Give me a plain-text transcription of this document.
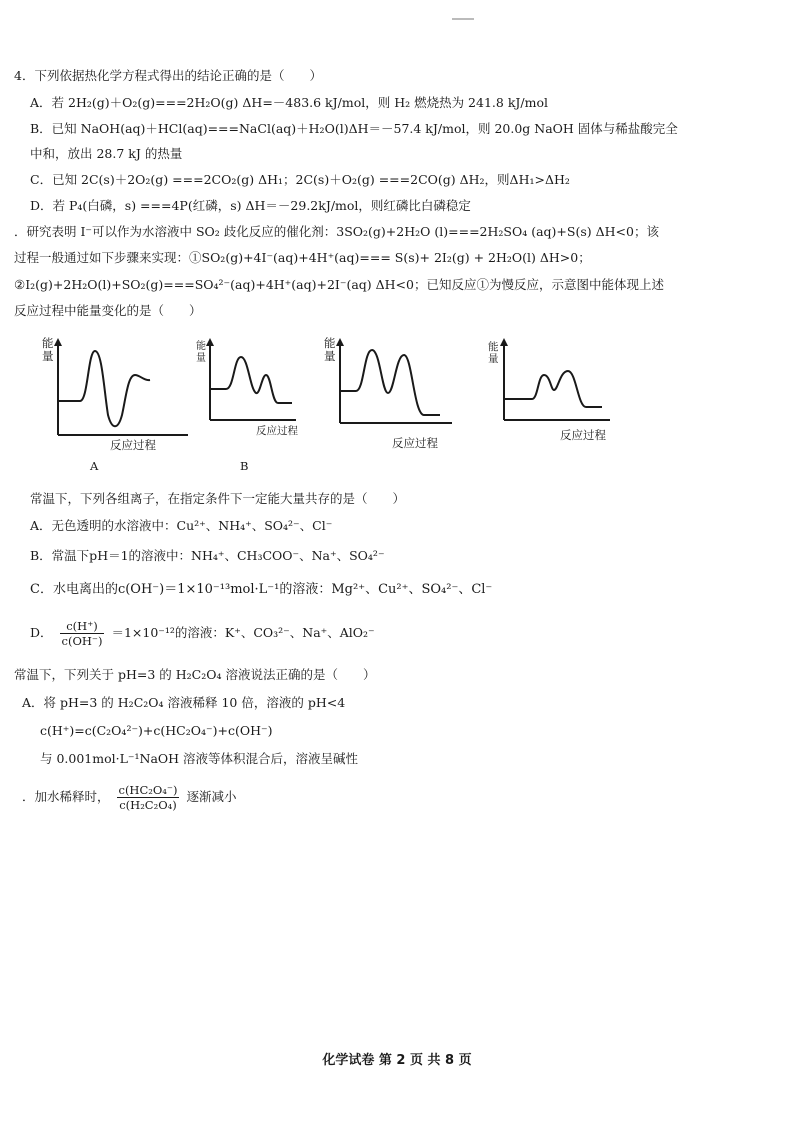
4．下列依据热化学方程式得出的结论正确的是（　　）
A．若 2H₂(g)＋O₂(g)===2H₂O(g) ΔH=－483.6 kJ/mol，则 H₂ 燃烧热为 241.8 kJ/mol
B．已知 NaOH(aq)＋HCl(aq)===NaCl(aq)＋H₂O(l)ΔH＝－57.4 kJ/mol，则 20.0g NaOH 固体与稀盐酸完全
中和，放出 28.7 kJ 的热量
C．已知 2C(s)＋2O₂(g) ===2CO₂(g) ΔH₁；2C(s)＋O₂(g) ===2CO(g) ΔH₂，则ΔH₁>ΔH₂
D．若 P₄(白磷，s) ===4P(红磷，s) ΔH＝－29.2kJ/mol，则红磷比白磷稳定
．研究表明 I⁻可以作为水溶液中 SO₂ 歧化反应的催化剂：3SO₂(g)+2H₂O (l)===2H₂SO₄ (aq)+S(s) ΔH<0；该
过程一般通过如下步骤来实现：①SO₂(g)+4I⁻(aq)+4H⁺(aq)=== S(s)+ 2I₂(g) + 2H₂O(l) ΔH>0；
②I₂(g)+2H₂O(l)+SO₂(g)===SO₄²⁻(aq)+4H⁺(aq)+2I⁻(aq) ΔH<0；已知反应①为慢反应，示意图中能体现上述
反应过程中能量变化的是（　　）
能量
反应过程
A
能量
反应过程
B
能量
反应过程
能量
反应过程
常温下，下列各组离子，在指定条件下一定能大量共存的是（　　）
A．无色透明的水溶液中：Cu²⁺、NH₄⁺、SO₄²⁻、Cl⁻
B．常温下pH＝1的溶液中：NH₄⁺、CH₃COO⁻、Na⁺、SO₄²⁻
C．水电离出的c(OH⁻)＝1×10⁻¹³mol·L⁻¹的溶液：Mg²⁺、Cu²⁺、SO₄²⁻、Cl⁻
D． $\frac{c(H^+)}{c(OH^-)} =1\times 10^{-12}$的溶液：K⁺、CO₃²⁻、Na⁺、AlO₂⁻
常温下，下列关于 pH=3 的 H₂C₂O₄ 溶液说法正确的是（　　）
A．将 pH=3 的 H₂C₂O₄ 溶液稀释 10 倍，溶液的 pH<4
c(H⁺)=c(C₂O₄²⁻)+c(HC₂O₄⁻)+c(OH⁻)
与 0.001mol·L⁻¹NaOH 溶液等体积混合后，溶液呈碱性
．加水稀释时， $\frac{\text{c(HC₂O₄⁻)}}{\text{c(H₂C₂O₄)}}$ 逐渐减小
化学试卷 第 2 页 共 8 页
